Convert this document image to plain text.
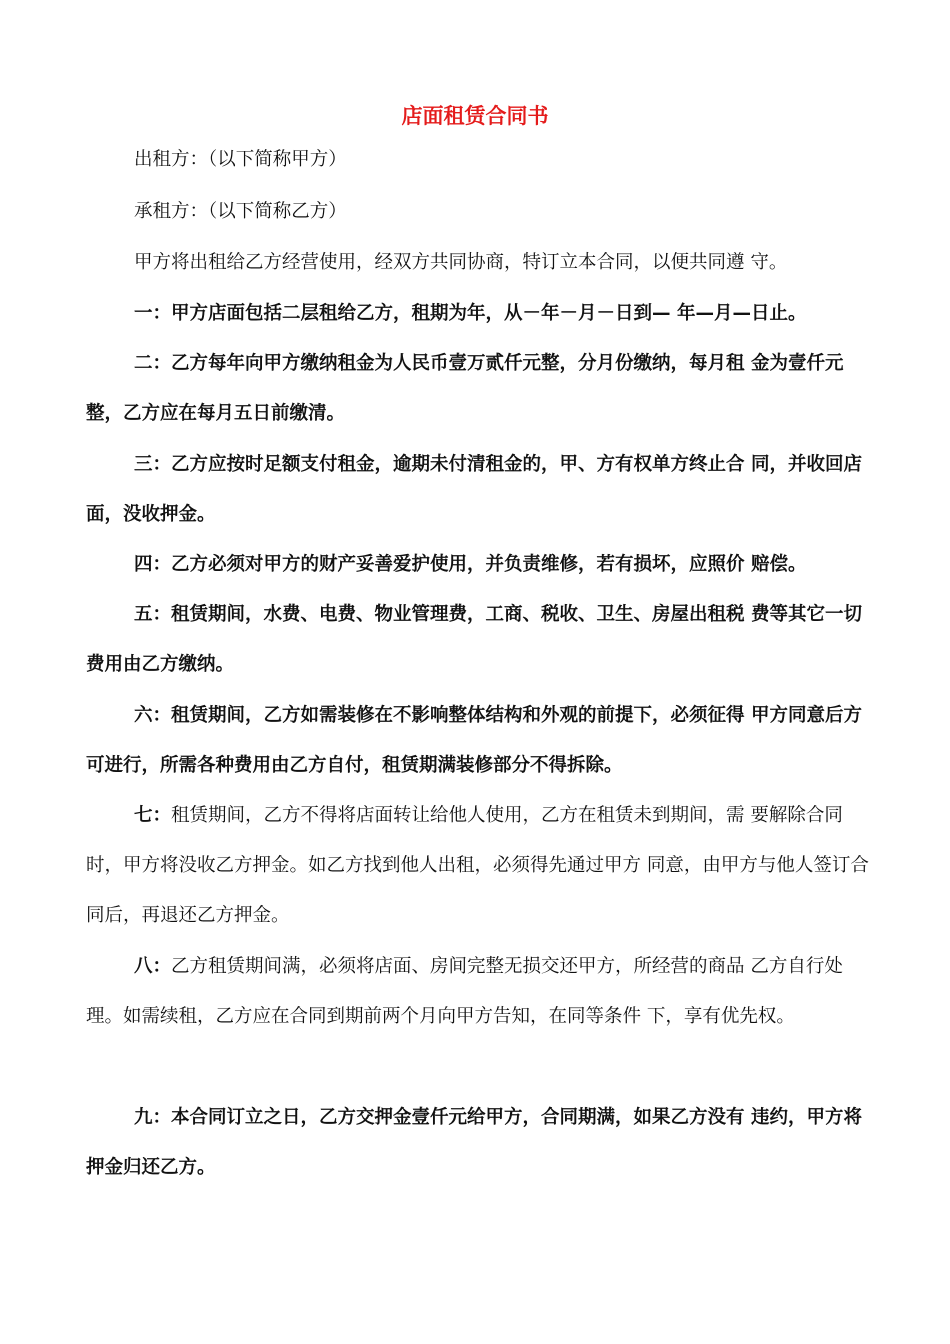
店面租赁合同书

出租方：（以下简称甲方）

承租方：（以下简称乙方）

甲方将出租给乙方经营使用，经双方共同协商，特订立本合同，以便共同遵 守。

一：甲方店面包括二层租给乙方，租期为年，从－年－月－日到— 年—月—日止。

二：乙方每年向甲方缴纳租金为人民币壹万贰仟元整，分月份缴纳，每月租 金为壹仟元整，乙方应在每月五日前缴清。

三：乙方应按时足额支付租金，逾期未付清租金的，甲、方有权单方终止合 同，并收回店面，没收押金。

四：乙方必须对甲方的财产妥善爱护使用，并负责维修，若有损坏，应照价 赔偿。

五：租赁期间，水费、电费、物业管理费，工商、税收、卫生、房屋出租税 费等其它一切费用由乙方缴纳。

六：租赁期间，乙方如需装修在不影响整体结构和外观的前提下，必须征得 甲方同意后方可进行，所需各种费用由乙方自付，租赁期满装修部分不得拆除。

七：租赁期间，乙方不得将店面转让给他人使用，乙方在租赁未到期间，需 要解除合同时，甲方将没收乙方押金。如乙方找到他人出租，必须得先通过甲方 同意，由甲方与他人签订合同后，再退还乙方押金。

八：乙方租赁期间满，必须将店面、房间完整无损交还甲方，所经营的商品 乙方自行处理。如需续租，乙方应在合同到期前两个月向甲方告知，在同等条件 下，享有优先权。

九：本合同订立之日，乙方交押金壹仟元给甲方，合同期满，如果乙方没有 违约，甲方将押金归还乙方。
